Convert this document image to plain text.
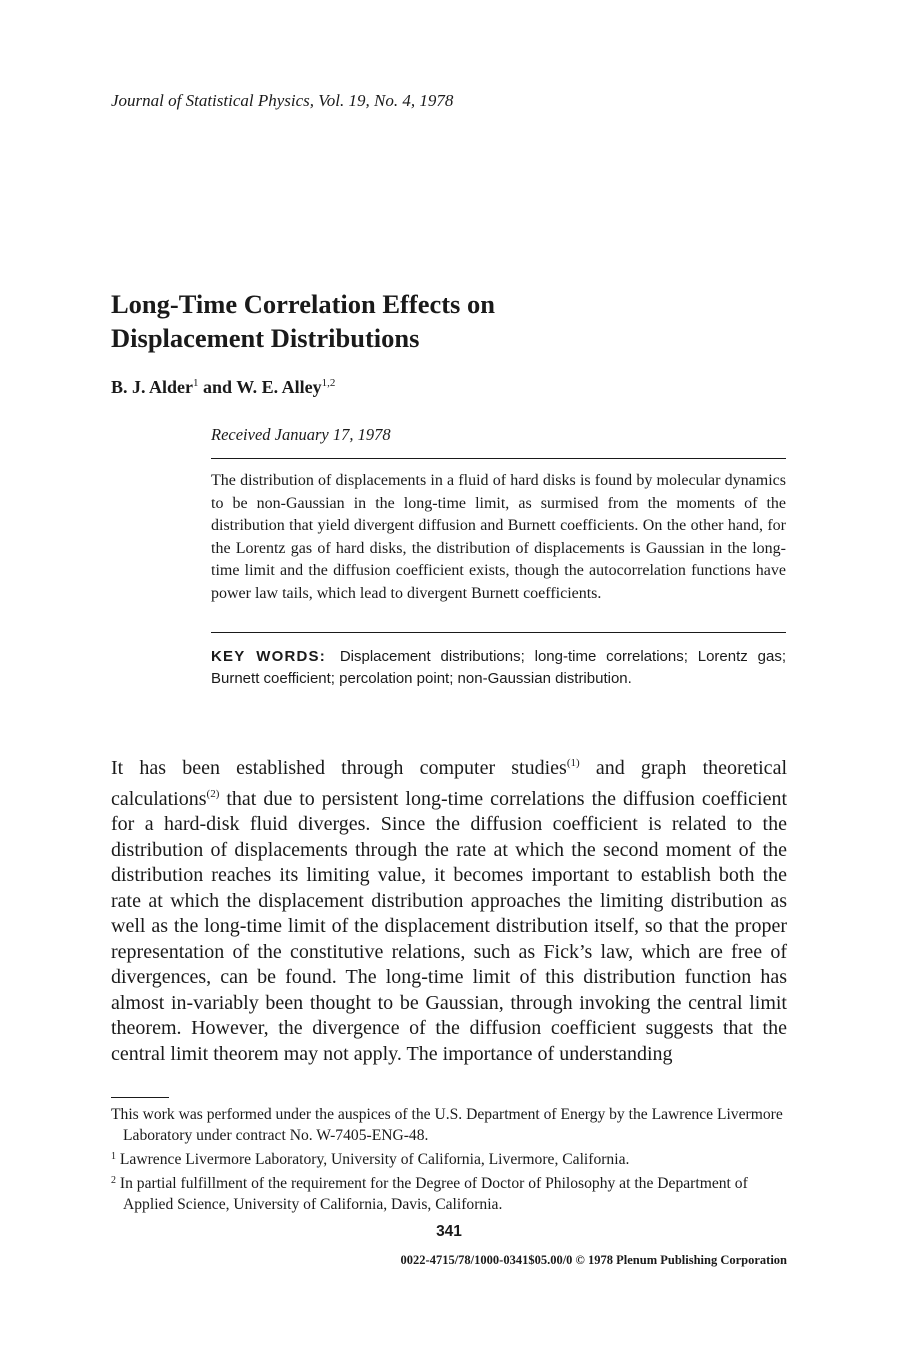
Journal of Statistical Physics, Vol. 19, No. 4, 1978
Long-Time Correlation Effects on
Displacement Distributions
B. J. Alder$^1$ and W. E. Alley$^{1,2}$
Received January 17, 1978
The distribution of displacements in a fluid of hard disks is found by molecular dynamics to be non-Gaussian in the long-time limit, as surmised from the moments of the distribution that yield divergent diffusion and Burnett coefficients. On the other hand, for the Lorentz gas of hard disks, the distribution of displacements is Gaussian in the long-time limit and the diffusion coefficient exists, though the autocorrelation functions have power law tails, which lead to divergent Burnett coefficients.
KEY WORDS: Displacement distributions; long-time correlations; Lorentz gas; Burnett coefficient; percolation point; non-Gaussian distribution.
It has been established through computer studies$^{(1)}$ and graph theoretical calculations$^{(2)}$ that due to persistent long-time correlations the diffusion coefficient for a hard-disk fluid diverges. Since the diffusion coefficient is related to the distribution of displacements through the rate at which the second moment of the distribution reaches its limiting value, it becomes important to establish both the rate at which the displacement distribution approaches the limiting distribution as well as the long-time limit of the displacement distribution itself, so that the proper representation of the constitutive relations, such as Fick’s law, which are free of divergences, can be found. The long-time limit of this distribution function has almost in-variably been thought to be Gaussian, through invoking the central limit theorem. However, the divergence of the diffusion coefficient suggests that the central limit theorem may not apply. The importance of understanding

This work was performed under the auspices of the U.S. Department of Energy by the Lawrence Livermore Laboratory under contract No. W-7405-ENG-48.

$^1$ Lawrence Livermore Laboratory, University of California, Livermore, California.

$^2$ In partial fulfillment of the requirement for the Degree of Doctor of Philosophy at the Department of Applied Science, University of California, Davis, California.

341
0022-4715/78/1000-0341$05.00/0 © 1978 Plenum Publishing Corporation
